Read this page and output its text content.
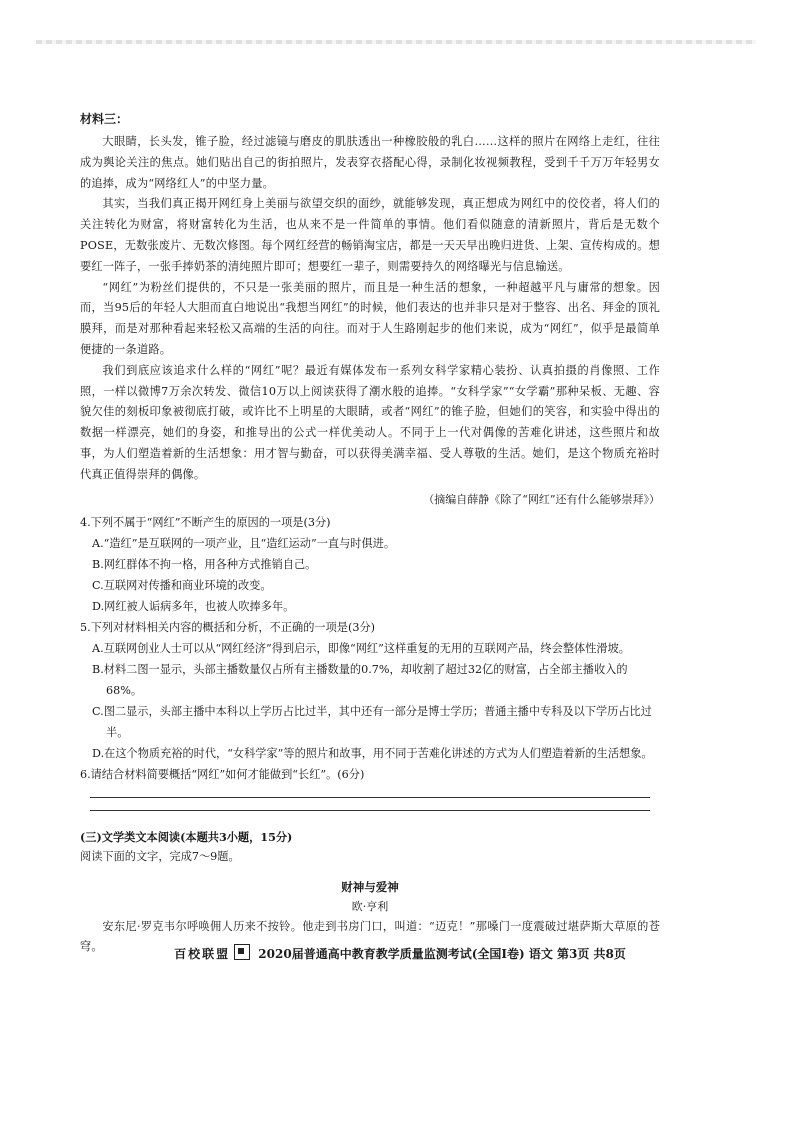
材料三：

大眼睛，长头发，锥子脸，经过滤镜与磨皮的肌肤透出一种橡胶般的乳白……这样的照片在网络上走红，往往成为舆论关注的焦点。她们贴出自己的街拍照片，发表穿衣搭配心得，录制化妆视频教程，受到千千万万年轻男女的追捧，成为“网络红人”的中坚力量。

其实，当我们真正揭开网红身上美丽与欲望交织的面纱，就能够发现，真正想成为网红中的佼佼者，将人们的关注转化为财富，将财富转化为生活，也从来不是一件简单的事情。他们看似随意的清新照片，背后是无数个POSE，无数张废片、无数次修图。每个网红经营的畅销淘宝店，都是一天天早出晚归进货、上架、宣传构成的。想要红一阵子，一张手捧奶茶的清纯照片即可；想要红一辈子，则需要持久的网络曝光与信息输送。

“网红”为粉丝们提供的，不只是一张美丽的照片，而且是一种生活的想象，一种超越平凡与庸常的想象。因而，当95后的年轻人大胆而直白地说出“我想当网红”的时候，他们表达的也并非只是对于整容、出名、拜金的顶礼膜拜，而是对那种看起来轻松又高端的生活的向往。而对于人生路刚起步的他们来说，成为“网红”，似乎是最简单便捷的一条道路。

我们到底应该追求什么样的“网红”呢？最近有媒体发布一系列女科学家精心装扮、认真拍摄的肖像照、工作照，一样以微博7万余次转发、微信10万以上阅读获得了潮水般的追捧。“女科学家”“女学霸”那种呆板、无趣、容貌欠佳的刻板印象被彻底打破，或许比不上明星的大眼睛，或者“网红”的锥子脸，但她们的笑容，和实验中得出的数据一样漂亮，她们的身姿，和推导出的公式一样优美动人。不同于上一代对偶像的苦难化讲述，这些照片和故事，为人们塑造着新的生活想象：用才智与勤奋，可以获得美满幸福、受人尊敬的生活。她们，是这个物质充裕时代真正值得崇拜的偶像。

（摘编自薛静《除了“网红”还有什么能够崇拜》）

4.下列不属于“网红”不断产生的原因的一项是(3分)

A.“造红”是互联网的一项产业，且“造红运动”一直与时俱进。

B.网红群体不拘一格，用各种方式推销自己。

C.互联网对传播和商业环境的改变。

D.网红被人诟病多年，也被人吹捧多年。

5.下列对材料相关内容的概括和分析，不正确的一项是(3分)

A.互联网创业人士可以从“网红经济”得到启示，即像“网红”这样重复的无用的互联网产品，终会整体性滑坡。

B.材料二图一显示，头部主播数量仅占所有主播数量的0.7%，却收割了超过32亿的财富，占全部主播收入的68%。

C.图二显示，头部主播中本科以上学历占比过半，其中还有一部分是博士学历；普通主播中专科及以下学历占比过半。

D.在这个物质充裕的时代，“女科学家”等的照片和故事，用不同于苦难化讲述的方式为人们塑造着新的生活想象。

6.请结合材料简要概括“网红”如何才能做到“长红”。(6分)

(三)文学类文本阅读(本题共3小题，15分)

阅读下面的文字，完成7～9题。

财神与爱神

欧·亨利

安东尼·罗克韦尔呼唤佣人历来不按铃。他走到书房门口，叫道：“迈克！”那嗓门一度震破过堪萨斯大草原的苍穹。

百校联盟 2020届普通高中教育教学质量监测考试(全国Ⅰ卷) 语文 第3页 共8页
